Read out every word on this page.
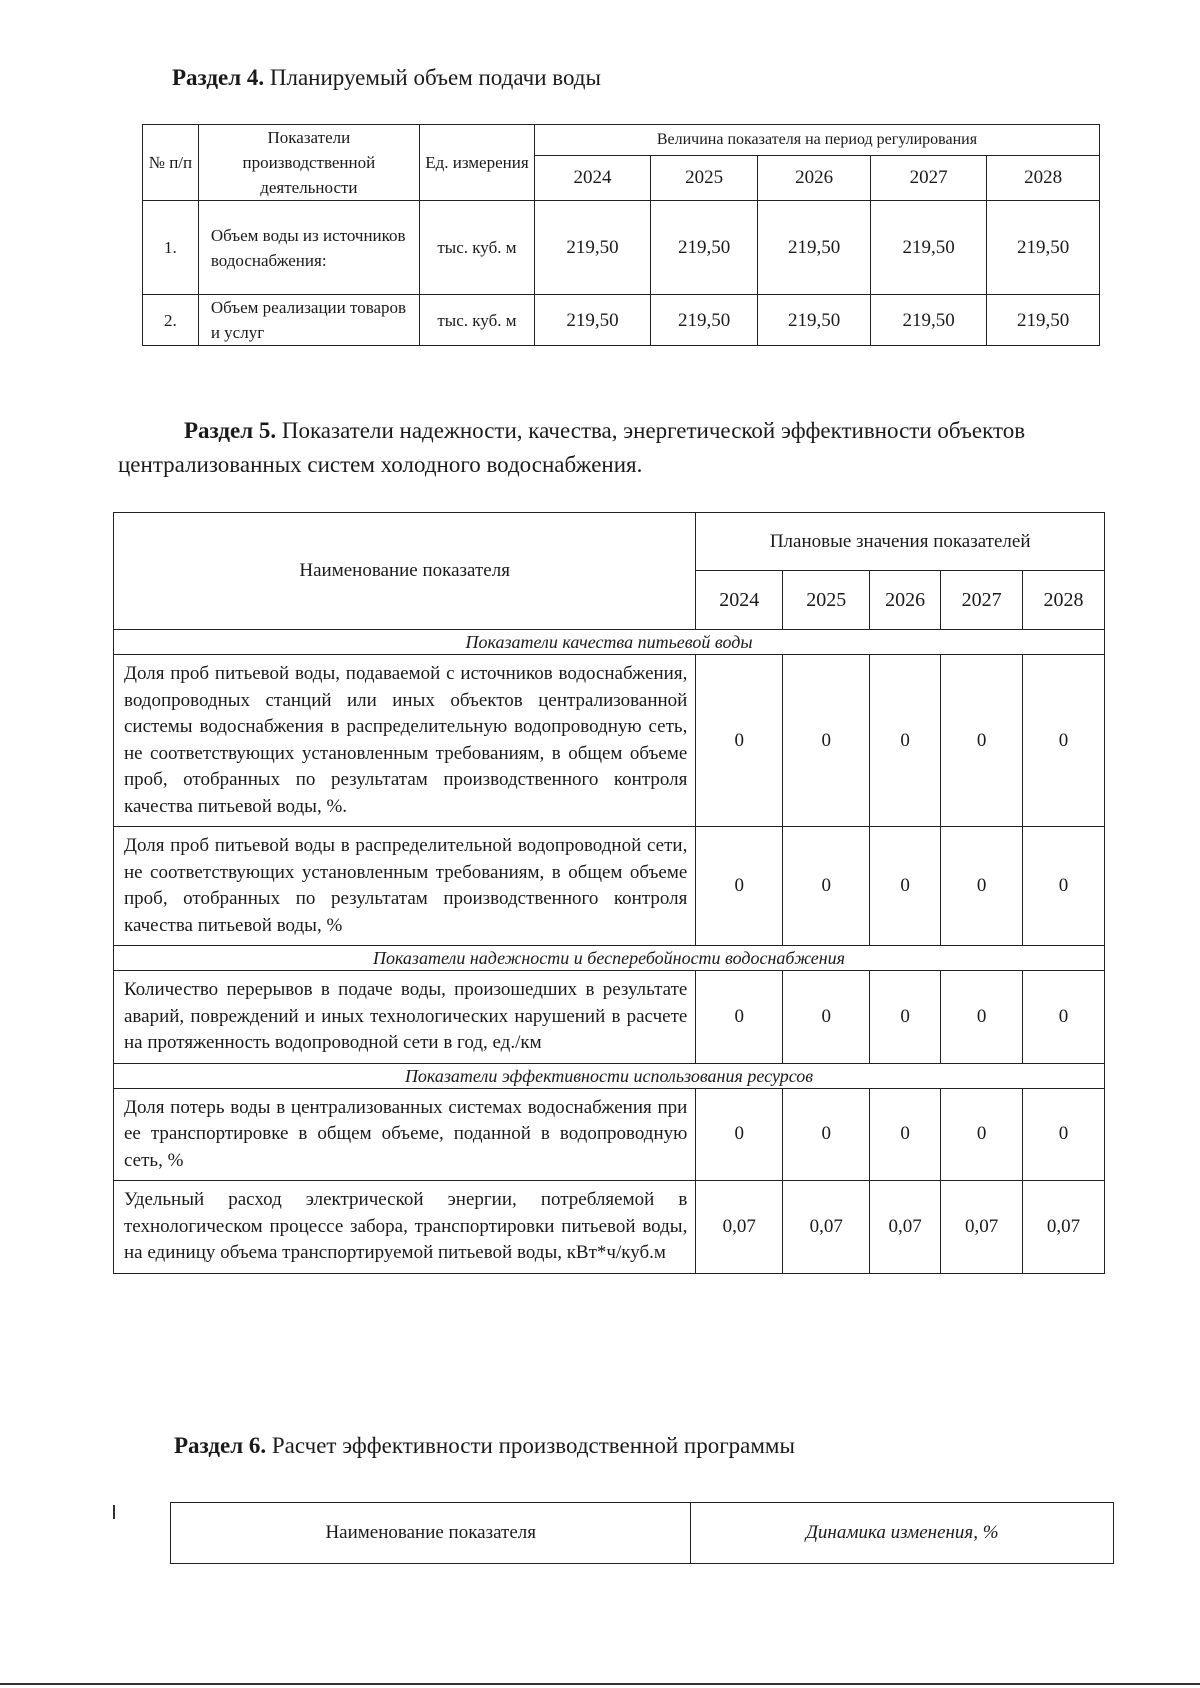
Раздел 4. Планируемый объем подачи воды
№ п/п	Показатели производственной деятельности	Ед. измерения	Величина показателя на период регулирования				
			2024	2025	2026	2027	2028
1.	Объем воды из источников водоснабжения:	тыс. куб. м	219,50	219,50	219,50	219,50	219,50
2.	Объем реализации товаров и услуг	тыс. куб. м	219,50	219,50	219,50	219,50	219,50
Раздел 5. Показатели надежности, качества, энергетической эффективности объектов централизованных систем холодного водоснабжения.
Наименование показателя	Плановые значения показателей				
	2024	2025	2026	2027	2028
Показатели качества питьевой воды					
Доля проб питьевой воды, подаваемой с источников водоснабжения, водопроводных станций или иных объектов централизованной системы водоснабжения в распределительную водопроводную сеть, не соответствующих установленным требованиям, в общем объеме проб, отобранных по результатам производственного контроля качества питьевой воды, %.	0	0	0	0	0
Доля проб питьевой воды в распределительной водопроводной сети, не соответствующих установленным требованиям, в общем объеме проб, отобранных по результатам производственного контроля качества питьевой воды, %	0	0	0	0	0
Показатели надежности и бесперебойности водоснабжения					
Количество перерывов в подаче воды, произошедших в результате аварий, повреждений и иных технологических нарушений в расчете на протяженность водопроводной сети в год, ед./км	0	0	0	0	0
Показатели эффективности использования ресурсов					
Доля потерь воды в централизованных системах водоснабжения при ее транспортировке в общем объеме, поданной в водопроводную сеть, %	0	0	0	0	0
Удельный расход электрической энергии, потребляемой в технологическом процессе забора, транспортировки питьевой воды, на единицу объема транспортируемой питьевой воды, кВт*ч/куб.м	0,07	0,07	0,07	0,07	0,07
Раздел 6. Расчет эффективности производственной программы
Наименование показателя	Динамика изменения, %
